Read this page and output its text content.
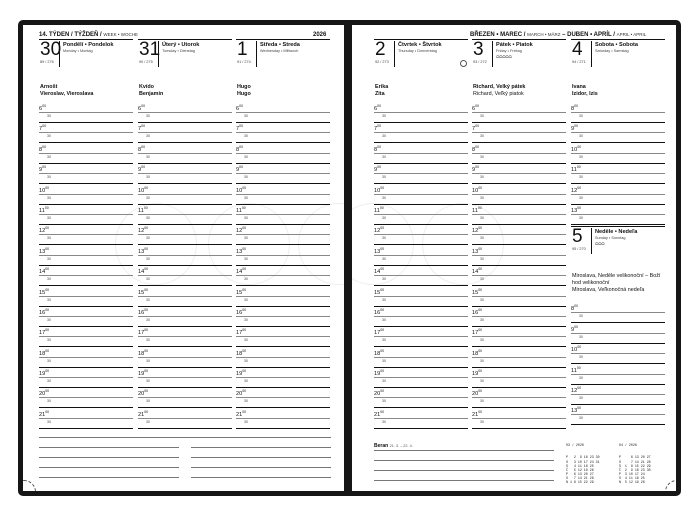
14. TÝDEN / TÝŽDEŇ / WEEK • WOCHE	2026
30 Pondělí • Pondelok
Monday • Montag
89 / 276
Arnošt
Vieroslav, Vieroslava
$6^{00}$
30
$7^{00}$
30
$8^{00}$
30
$9^{00}$
30
$10^{00}$
30
$11^{00}$
30
$12^{00}$
30
$13^{00}$
30
$14^{00}$
30
$15^{00}$
30
$16^{00}$
30
$17^{00}$
30
$18^{00}$
30
$19^{00}$
30
$20^{00}$
30
$21^{00}$
30
31 Úterý • Utorok
Tuesday • Dienstag
90 / 275
Kvído
Benjamín
$6^{00}$
30
$7^{00}$
30
$8^{00}$
30
$9^{00}$
30
$10^{00}$
30
$11^{00}$
30
$12^{00}$
30
$13^{00}$
30
$14^{00}$
30
$15^{00}$
30
$16^{00}$
30
$17^{00}$
30
$18^{00}$
30
$19^{00}$
30
$20^{00}$
30
$21^{00}$
30
1 Středa • Streda
Wednesday • Mittwoch
91 / 274
Hugo
Hugo
$6^{00}$
30
$7^{00}$
30
$8^{00}$
30
$9^{00}$
30
$10^{00}$
30
$11^{00}$
30
$12^{00}$
30
$13^{00}$
30
$14^{00}$
30
$15^{00}$
30
$16^{00}$
30
$17^{00}$
30
$18^{00}$
30
$19^{00}$
30
$20^{00}$
30
$21^{00}$
30
BŘEZEN • MAREC / MARCH • MÄRZ – DUBEN • APRÍL / APRIL • APRIL
2 Čtvrtek • Štvrtok
Thursday • Donnerstag
92 / 273
Erika
Zita
$6^{00}$
30
$7^{00}$
30
$8^{00}$
30
$9^{00}$
30
$10^{00}$
30
$11^{00}$
30
$12^{00}$
30
$13^{00}$
30
$14^{00}$
30
$15^{00}$
30
$16^{00}$
30
$17^{00}$
30
$18^{00}$
30
$19^{00}$
30
$20^{00}$
30
$21^{00}$
30
3 Pátek • Piatok
Friday • Freitag
93 / 272
⬭⬭⬭⬭⬭
Richard, Velký pátek
Richard, Veľký piatok
$6^{00}$
30
$7^{00}$
30
$8^{00}$
30
$9^{00}$
30
$10^{00}$
30
$11^{00}$
30
$12^{00}$
30
$13^{00}$
30
$14^{00}$
30
$15^{00}$
30
$16^{00}$
30
$17^{00}$
30
$18^{00}$
30
$19^{00}$
30
$20^{00}$
30
$21^{00}$
30
4 Sobota • Sobota
Saturday • Samstag
94 / 271
Ivana
Izidor, Izis
$8^{00}$
30
$9^{00}$
30
$10^{00}$
30
$11^{00}$
30
$12^{00}$
30
$13^{00}$
30
5 Neděle • Nedeľa
Sunday • Sonntag
95 / 270
⬭⬭⬭
Miroslava, Neděle velikonoční – Boží hod velikonoční
Miroslava, Veľkonočná nedeľa
$8^{00}$
30
$9^{00}$
30
$10^{00}$
30
$11^{00}$
30
$12^{00}$
30
$13^{00}$
30
Beran 21. 3. – 22. 4.

	03 / 2026

P   2  9 16 23 30
Ú   3 10 17 24 31
S   4 11 18 25
Č   5 12 19 26
P   6 13 20 27
S   7 14 21 28
N 1 8 15 22 29

04 / 2026

P     6 13 20 27
Ú     7 14 21 28
S  1  8 15 22 29
Č  2  9 16 23 30
P  3 10 17 24
S  4 11 18 25
N  5 12 19 26
